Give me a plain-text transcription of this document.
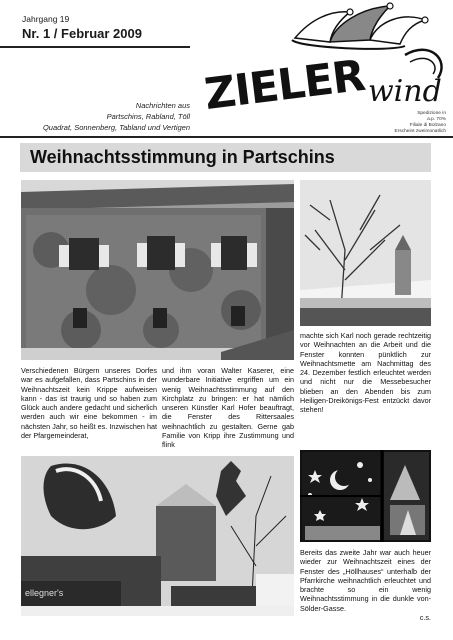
Jahrgang 19
Nr. 1 / Februar 2009
Nachrichten aus
Partschins, Rabland, Töll
Quadrat, Sonnenberg, Tabland und Vertigen
wind
ZIELER	Spedizione in
a.p. 70%
Filiale di Bolzano
Erscheint zweimonatlich
Weihnachtsstimmung in Partschins
ellegner's

Verschiedenen Bürgern unseres Dorfes war es aufgefallen, dass Partschins in der Weihnachtszeit kein Krippe aufweisen kann - das ist traurig und so haben zum Glück auch andere gedacht und sicherlich werden auch wir eine bekommen - im nächsten Jahr, so heißt es. Inzwischen hat der Pfargemeinderat,

und ihm voran Walter Kaserer, eine wunderbare Initiative ergriffen um ein wenig Weihnachtsstimmung auf den Kirchplatz zu bringen: er hat nämlich unseren Künstler Karl Hofer beauftragt, die Fenster des Rittersaales weihnachtlich zu gestalten. Gerne gab Familie von Kripp ihre Zustimmung und flink

machte sich Karl noch gerade rechtzeitig vor Weihnachten an die Arbeit und die Fenster konnten pünktlich zur Weihnachtsmette am Nachmittag des 24. Dezember festlich erleuchtet werden und nicht nur die Messebesucher blieben an den Abenden bis zum Heiligen-Dreikönigs-Fest entzückt davor stehen!

Bereits das zweite Jahr war auch heuer wieder zur Weihnachtszeit eines der Fenster des „Höllhauses“ unterhalb der Pfarrkirche weihnachtlich erleuchtet und brachte so ein wenig Weihnachtsstimmung in die dunkle von-Sölder-Gasse.

c.s.
